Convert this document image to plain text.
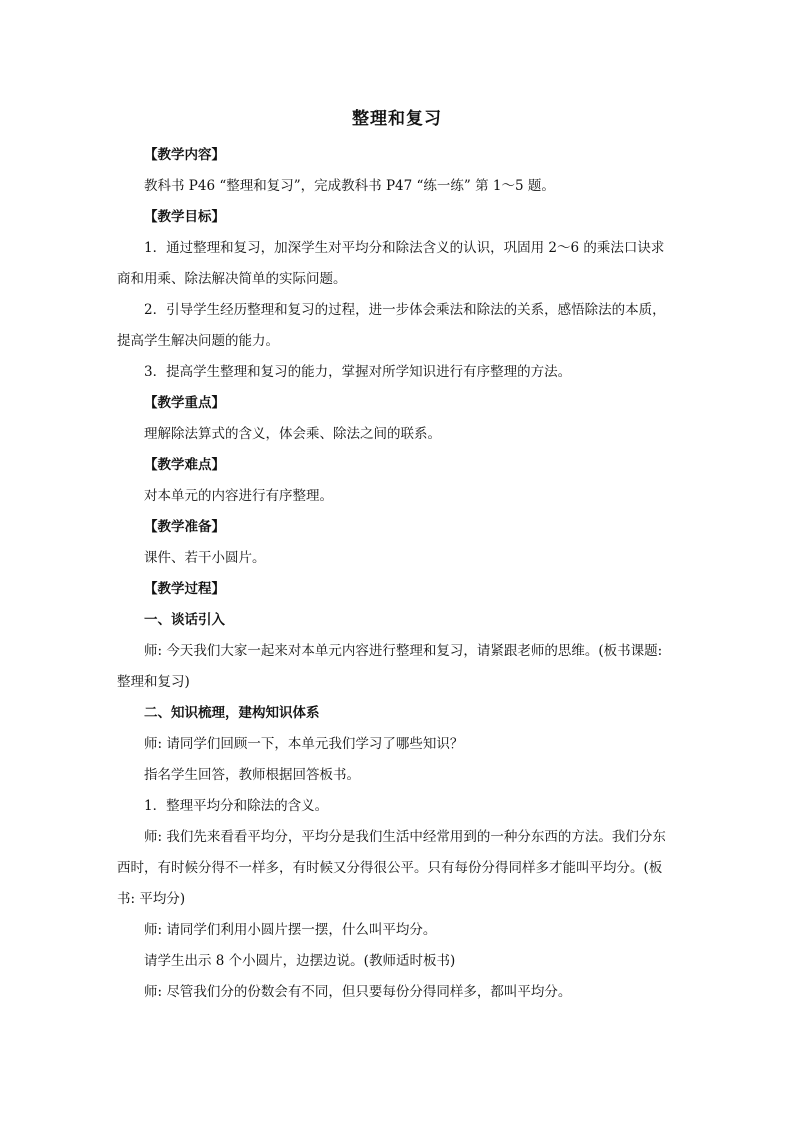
整理和复习

【教学内容】

教科书 P46 “整理和复习”，完成教科书 P47 “练一练” 第 1～5 题。

【教学目标】

1．通过整理和复习，加深学生对平均分和除法含义的认识，巩固用 2～6 的乘法口诀求商和用乘、除法解决简单的实际问题。

2．引导学生经历整理和复习的过程，进一步体会乘法和除法的关系，感悟除法的本质，提高学生解决问题的能力。

3．提高学生整理和复习的能力，掌握对所学知识进行有序整理的方法。

【教学重点】

理解除法算式的含义，体会乘、除法之间的联系。

【教学难点】

对本单元的内容进行有序整理。

【教学准备】

课件、若干小圆片。

【教学过程】

一、谈话引入

师: 今天我们大家一起来对本单元内容进行整理和复习，请紧跟老师的思维。(板书课题: 整理和复习)

二、知识梳理，建构知识体系

师: 请同学们回顾一下，本单元我们学习了哪些知识？

指名学生回答，教师根据回答板书。

1．整理平均分和除法的含义。

师: 我们先来看看平均分，平均分是我们生活中经常用到的一种分东西的方法。我们分东西时，有时候分得不一样多，有时候又分得很公平。只有每份分得同样多才能叫平均分。(板书: 平均分)

师: 请同学们利用小圆片摆一摆，什么叫平均分。

请学生出示 8 个小圆片，边摆边说。(教师适时板书)

师: 尽管我们分的份数会有不同，但只要每份分得同样多，都叫平均分。
